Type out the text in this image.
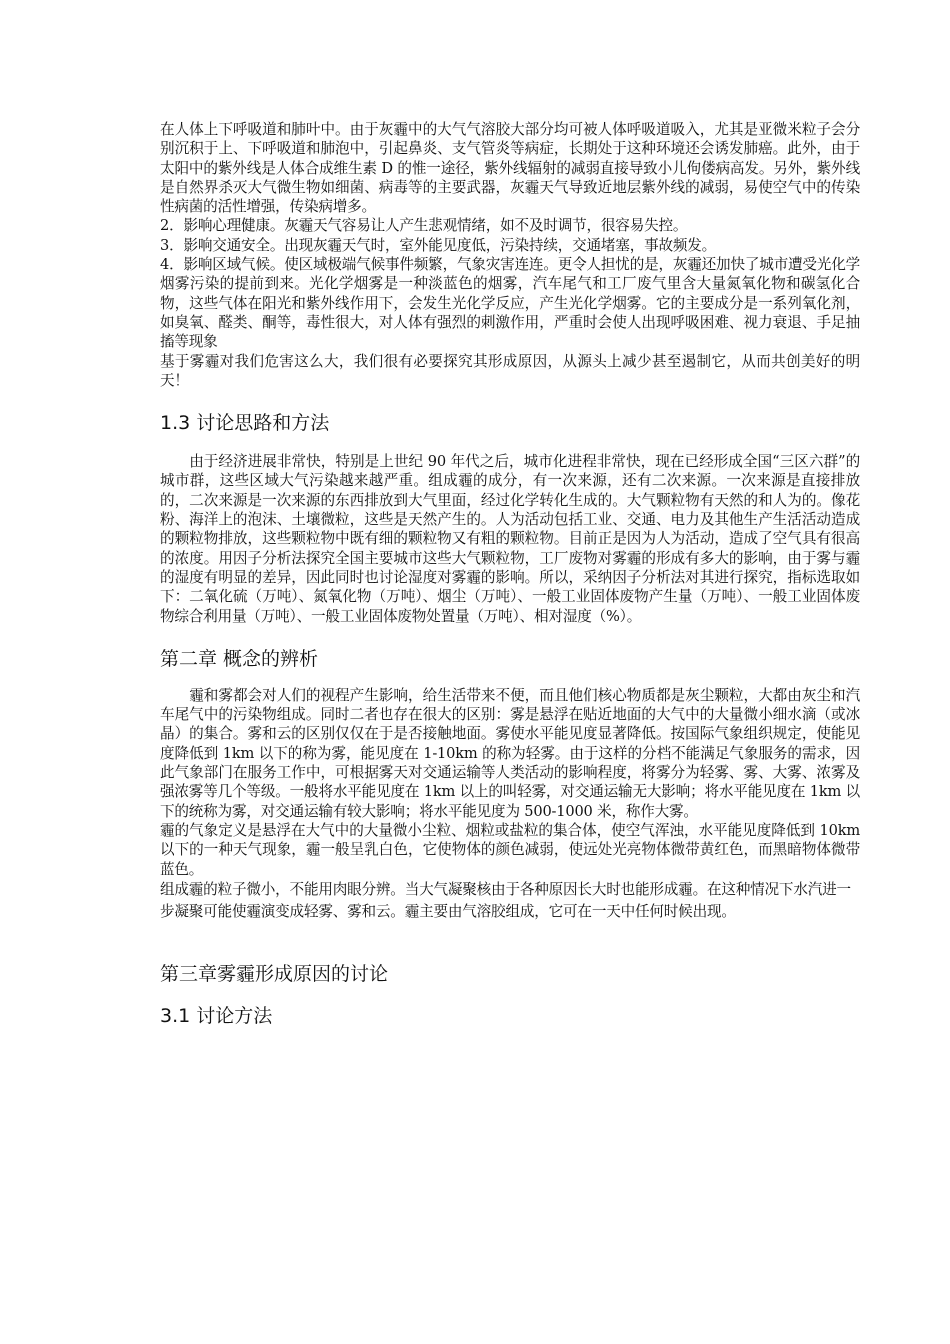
在人体上下呼吸道和肺叶中。由于灰霾中的大气气溶胶大部分均可被人体呼吸道吸入，尤其是亚微米粒子会分别沉积于上、下呼吸道和肺泡中，引起鼻炎、支气管炎等病症，长期处于这种环境还会诱发肺癌。此外，由于太阳中的紫外线是人体合成维生素 D 的惟一途径，紫外线辐射的减弱直接导致小儿佝偻病高发。另外，紫外线是自然界杀灭大气微生物如细菌、病毒等的主要武器，灰霾天气导致近地层紫外线的减弱，易使空气中的传染性病菌的活性增强，传染病增多。

2．影响心理健康。灰霾天气容易让人产生悲观情绪，如不及时调节，很容易失控。

3．影响交通安全。出现灰霾天气时，室外能见度低，污染持续，交通堵塞，事故频发。

4．影响区域气候。使区域极端气候事件频繁，气象灾害连连。更令人担忧的是，灰霾还加快了城市遭受光化学烟雾污染的提前到来。光化学烟雾是一种淡蓝色的烟雾，汽车尾气和工厂废气里含大量氮氧化物和碳氢化合物，这些气体在阳光和紫外线作用下，会发生光化学反应，产生光化学烟雾。它的主要成分是一系列氧化剂，如臭氧、醛类、酮等，毒性很大，对人体有强烈的刺激作用，严重时会使人出现呼吸困难、视力衰退、手足抽搐等现象

基于雾霾对我们危害这么大，我们很有必要探究其形成原因，从源头上减少甚至遏制它，从而共创美好的明天！

1.3 讨论思路和方法

由于经济进展非常快，特别是上世纪 90 年代之后，城市化进程非常快，现在已经形成全国“三区六群”的城市群，这些区域大气污染越来越严重。组成霾的成分，有一次来源，还有二次来源。一次来源是直接排放的，二次来源是一次来源的东西排放到大气里面，经过化学转化生成的。大气颗粒物有天然的和人为的。像花粉、海洋上的泡沫、土壤微粒，这些是天然产生的。人为活动包括工业、交通、电力及其他生产生活活动造成的颗粒物排放，这些颗粒物中既有细的颗粒物又有粗的颗粒物。目前正是因为人为活动，造成了空气具有很高的浓度。用因子分析法探究全国主要城市这些大气颗粒物，工厂废物对雾霾的形成有多大的影响，由于雾与霾的湿度有明显的差异，因此同时也讨论湿度对雾霾的影响。所以，采纳因子分析法对其进行探究，指标选取如下：二氧化硫（万吨）、氮氧化物（万吨）、烟尘（万吨）、一般工业固体废物产生量（万吨）、一般工业固体废物综合利用量（万吨）、一般工业固体废物处置量（万吨）、相对湿度（%）。

第二章 概念的辨析

霾和雾都会对人们的视程产生影响，给生活带来不便，而且他们核心物质都是灰尘颗粒，大都由灰尘和汽车尾气中的污染物组成。同时二者也存在很大的区别：雾是悬浮在贴近地面的大气中的大量微小细水滴（或冰晶）的集合。雾和云的区别仅仅在于是否接触地面。雾使水平能见度显著降低。按国际气象组织规定，使能见度降低到 1km 以下的称为雾，能见度在 1-10km 的称为轻雾。由于这样的分档不能满足气象服务的需求，因此气象部门在服务工作中，可根据雾天对交通运输等人类活动的影响程度，将雾分为轻雾、雾、大雾、浓雾及强浓雾等几个等级。一般将水平能见度在 1km 以上的叫轻雾，对交通运输无大影响；将水平能见度在 1km 以下的统称为雾，对交通运输有较大影响；将水平能见度为 500-1000 米，称作大雾。

霾的气象定义是悬浮在大气中的大量微小尘粒、烟粒或盐粒的集合体，使空气浑浊，水平能见度降低到 10km 以下的一种天气现象，霾一般呈乳白色，它使物体的颜色减弱，使远处光亮物体微带黄红色，而黑暗物体微带蓝色。

组成霾的粒子微小，不能用肉眼分辨。当大气凝聚核由于各种原因长大时也能形成霾。在这种情况下水汽进一步凝聚可能使霾演变成轻雾、雾和云。霾主要由气溶胶组成，它可在一天中任何时候出现。

第三章雾霾形成原因的讨论
3.1 讨论方法
